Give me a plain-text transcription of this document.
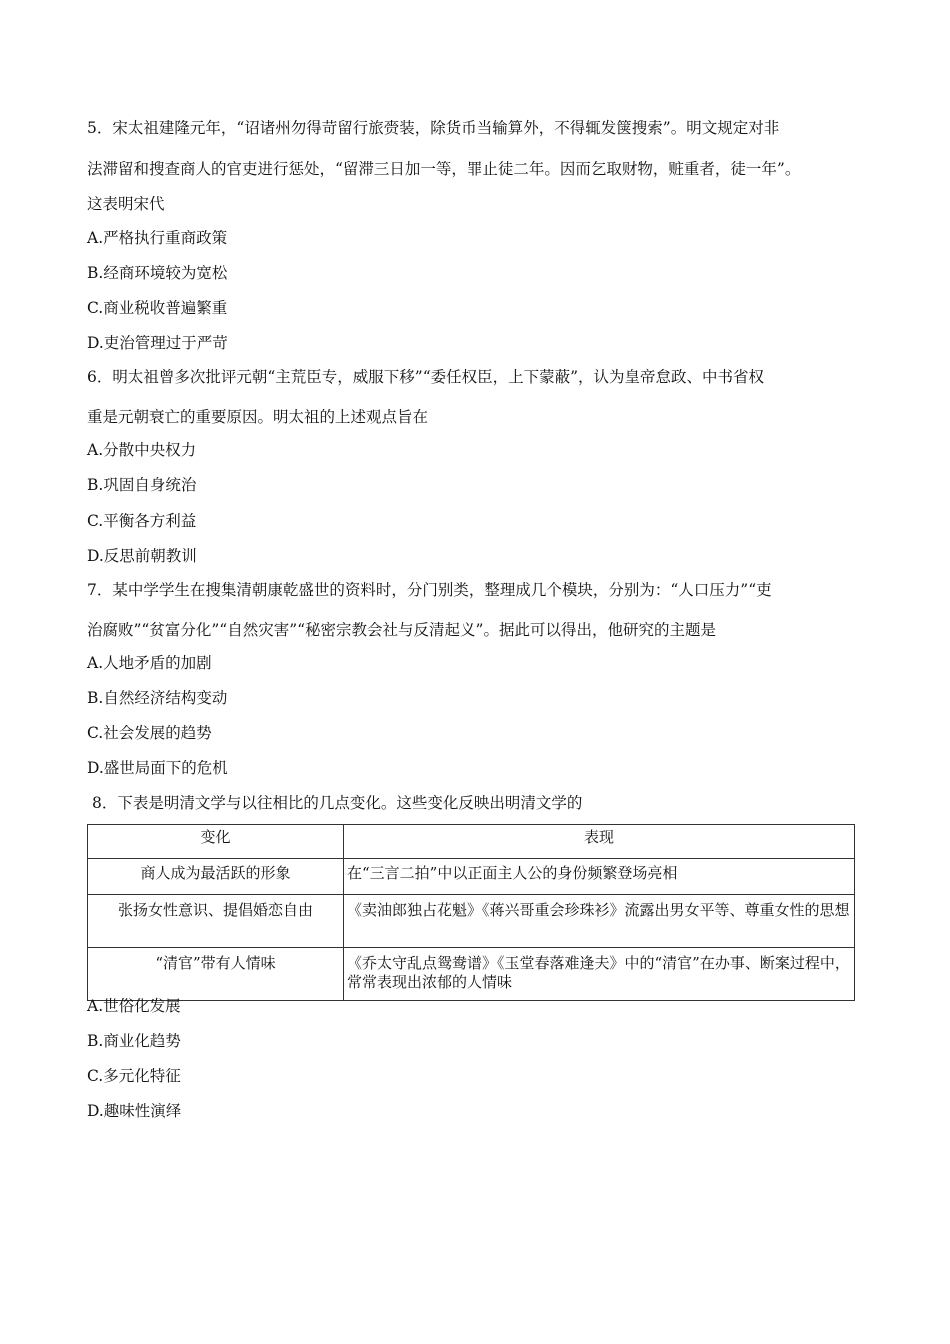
5．宋太祖建隆元年，“诏诸州勿得苛留行旅赍装，除货币当输算外，不得辄发箧搜索”。明文规定对非
法滞留和搜查商人的官吏进行惩处，“留滞三日加一等，罪止徒二年。因而乞取财物，赃重者，徒一年”。
这表明宋代
A.严格执行重商政策
B.经商环境较为宽松
C.商业税收普遍繁重
D.吏治管理过于严苛
6．明太祖曾多次批评元朝“主荒臣专，威服下移”“委任权臣，上下蒙蔽”，认为皇帝怠政、中书省权
重是元朝衰亡的重要原因。明太祖的上述观点旨在
A.分散中央权力
B.巩固自身统治
C.平衡各方利益
D.反思前朝教训
7．某中学学生在搜集清朝康乾盛世的资料时，分门别类，整理成几个模块，分别为：“人口压力”“吏
治腐败”“贫富分化”“自然灾害”“秘密宗教会社与反清起义”。据此可以得出，他研究的主题是
A.人地矛盾的加剧
B.自然经济结构变动
C.社会发展的趋势
D.盛世局面下的危机
8．下表是明清文学与以往相比的几点变化。这些变化反映出明清文学的
变化	表现
商人成为最活跃的形象	在“三言二拍”中以正面主人公的身份频繁登场亮相
张扬女性意识、提倡婚恋自由	《卖油郎独占花魁》《蒋兴哥重会珍珠衫》流露出男女平等、尊重女性的思想
“清官”带有人情味	《乔太守乱点鸳鸯谱》《玉堂春落难逢夫》中的“清官”在办事、断案过程中，常常表现出浓郁的人情味
A.世俗化发展
B.商业化趋势
C.多元化特征
D.趣味性演绎
